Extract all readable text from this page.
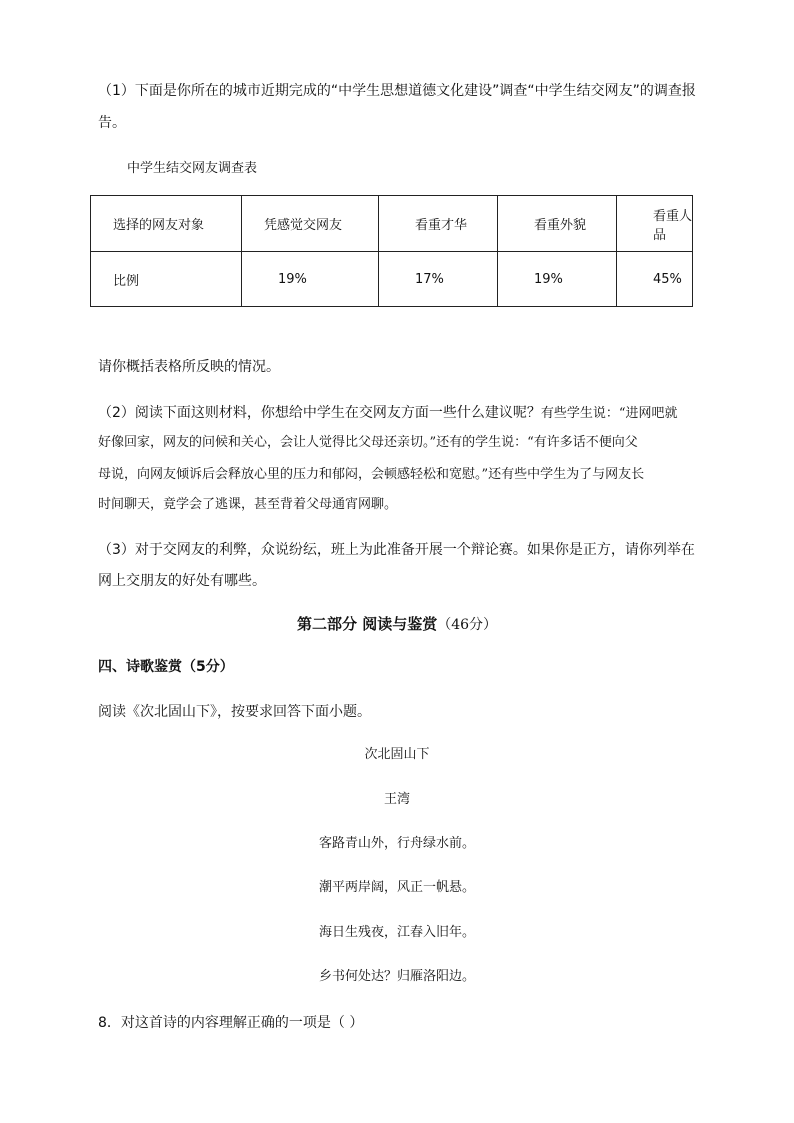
（1）下面是你所在的城市近期完成的“中学生思想道德文化建设”调查“中学生结交网友”的调查报

告。

中学生结交网友调查表

选择的网友对象	凭感觉交网友	看重才华	看重外貌	看重人品
比例	19%	17%	19%	45%

请你概括表格所反映的情况。

（2）阅读下面这则材料，你想给中学生在交网友方面一些什么建议呢？有些学生说：“进网吧就

好像回家，网友的问候和关心，会让人觉得比父母还亲切。”还有的学生说：“有许多话不便向父

母说，向网友倾诉后会释放心里的压力和郁闷，会顿感轻松和宽慰。”还有些中学生为了与网友长

时间聊天，竟学会了逃课，甚至背着父母通宵网聊。

（3）对于交网友的利弊，众说纷纭，班上为此准备开展一个辩论赛。如果你是正方，请你列举在

网上交朋友的好处有哪些。

第二部分 阅读与鉴赏（46分）

四、诗歌鉴赏（5分）

阅读《次北固山下》，按要求回答下面小题。

次北固山下

王湾

客路青山外，行舟绿水前。

潮平两岸阔，风正一帆悬。

海日生残夜，江春入旧年。

乡书何处达？归雁洛阳边。

8．对这首诗的内容理解正确的一项是（ ）
